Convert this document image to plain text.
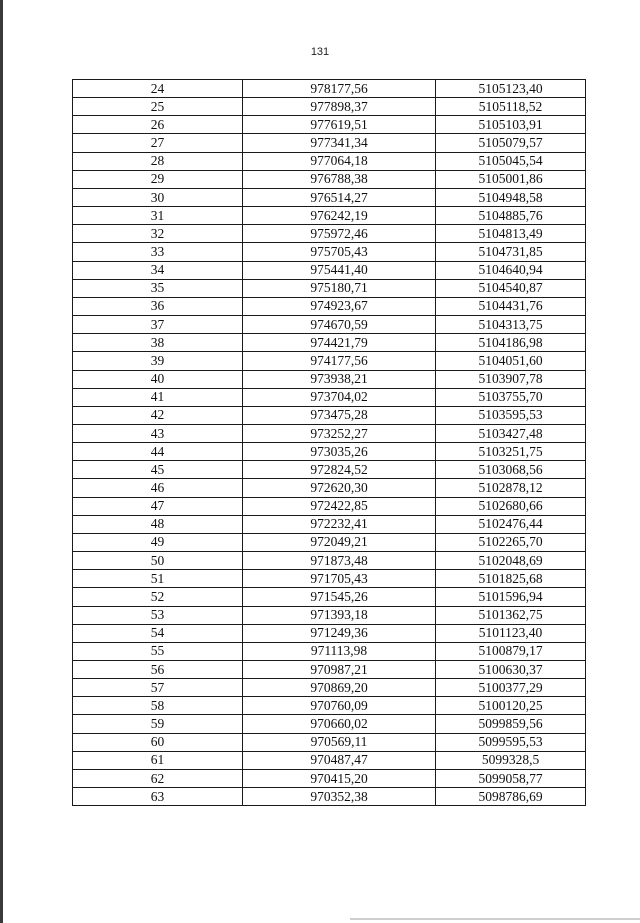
131
24	978177,56	5105123,40
25	977898,37	5105118,52
26	977619,51	5105103,91
27	977341,34	5105079,57
28	977064,18	5105045,54
29	976788,38	5105001,86
30	976514,27	5104948,58
31	976242,19	5104885,76
32	975972,46	5104813,49
33	975705,43	5104731,85
34	975441,40	5104640,94
35	975180,71	5104540,87
36	974923,67	5104431,76
37	974670,59	5104313,75
38	974421,79	5104186,98
39	974177,56	5104051,60
40	973938,21	5103907,78
41	973704,02	5103755,70
42	973475,28	5103595,53
43	973252,27	5103427,48
44	973035,26	5103251,75
45	972824,52	5103068,56
46	972620,30	5102878,12
47	972422,85	5102680,66
48	972232,41	5102476,44
49	972049,21	5102265,70
50	971873,48	5102048,69
51	971705,43	5101825,68
52	971545,26	5101596,94
53	971393,18	5101362,75
54	971249,36	5101123,40
55	971113,98	5100879,17
56	970987,21	5100630,37
57	970869,20	5100377,29
58	970760,09	5100120,25
59	970660,02	5099859,56
60	970569,11	5099595,53
61	970487,47	5099328,5
62	970415,20	5099058,77
63	970352,38	5098786,69
